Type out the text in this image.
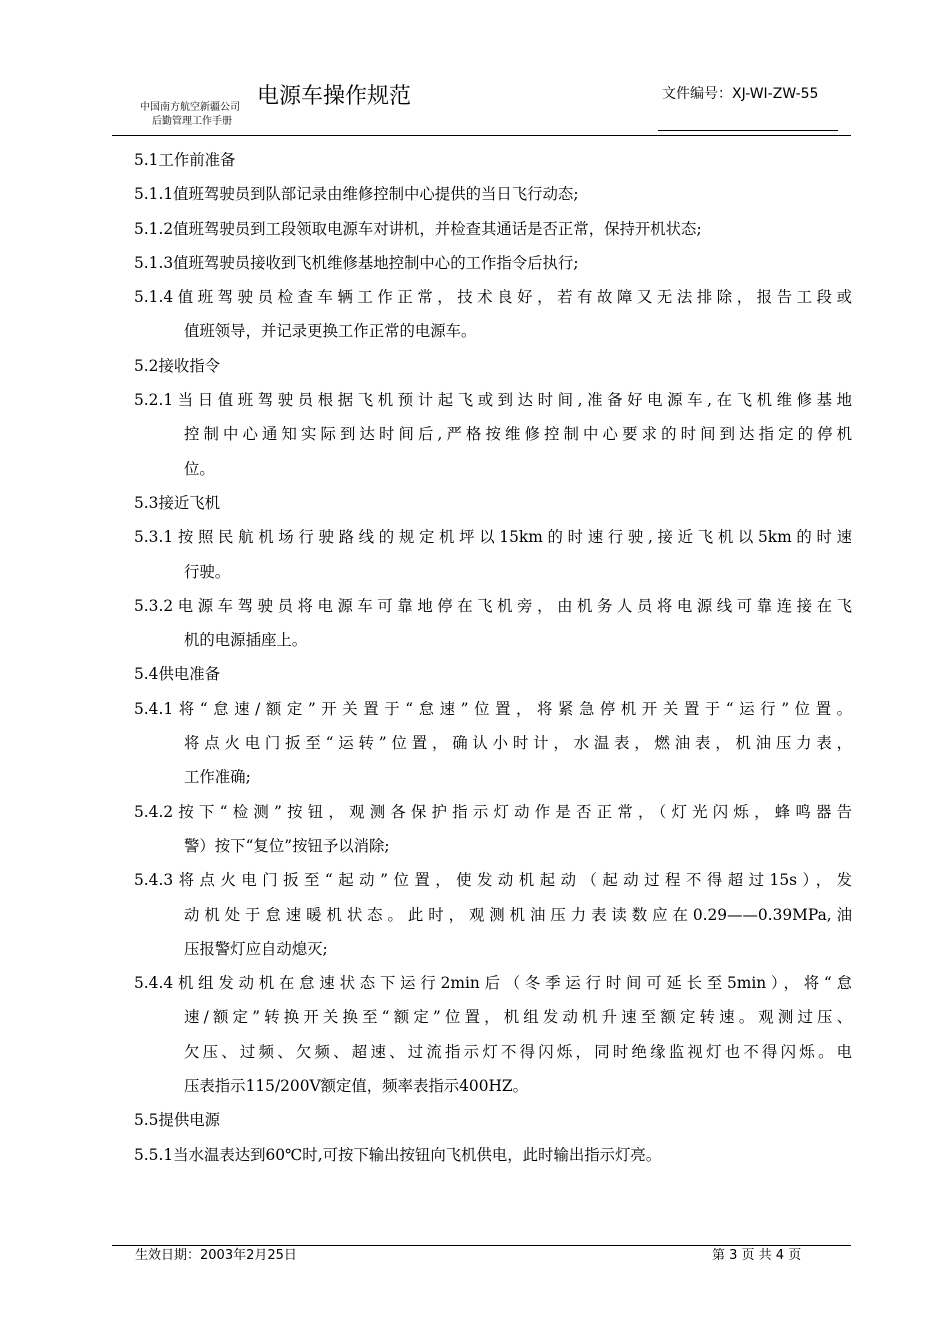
中国南方航空新疆公司
后勤管理工作手册
电源车操作规范	文件编号：XJ-WI-ZW-55
5.1工作前准备
5.1.1值班驾驶员到队部记录由维修控制中心提供的当日飞行动态;
5.1.2值班驾驶员到工段领取电源车对讲机，并检查其通话是否正常，保持开机状态;
5.1.3值班驾驶员接收到飞机维修基地控制中心的工作指令后执行;
5.1.4值班驾驶员检查车辆工作正常，技术良好，若有故障又无法排除，报告工段或
值班领导，并记录更换工作正常的电源车。
5.2接收指令
5.2.1当日值班驾驶员根据飞机预计起飞或到达时间,准备好电源车,在飞机维修基地
控制中心通知实际到达时间后,严格按维修控制中心要求的时间到达指定的停机
位。
5.3接近飞机
5.3.1按照民航机场行驶路线的规定机坪以15km的时速行驶,接近飞机以5km的时速
行驶。
5.3.2电源车驾驶员将电源车可靠地停在飞机旁，由机务人员将电源线可靠连接在飞
机的电源插座上。
5.4供电准备
5.4.1将“怠速/额定”开关置于“怠速”位置，将紧急停机开关置于“运行”位置。
将点火电门扳至“运转”位置，确认小时计，水温表，燃油表，机油压力表，
工作准确;
5.4.2按下“检测”按钮，观测各保护指示灯动作是否正常，（灯光闪烁，蜂鸣器告
警）按下“复位”按钮予以消除;
5.4.3将点火电门扳至“起动”位置，使发动机起动（起动过程不得超过15s），发
动机处于怠速暖机状态。此时，观测机油压力表读数应在0.29——0.39MPa,油
压报警灯应自动熄灭;
5.4.4机组发动机在怠速状态下运行2min后（冬季运行时间可延长至5min），将“怠
速/额定”转换开关换至“额定”位置，机组发动机升速至额定转速。观测过压、
欠压、过频、欠频、超速、过流指示灯不得闪烁，同时绝缘监视灯也不得闪烁。电
压表指示115/200V额定值，频率表指示400HZ。
5.5提供电源
5.5.1当水温表达到60℃时,可按下输出按钮向飞机供电，此时输出指示灯亮。
生效日期：2003年2月25日	第 3 页 共 4 页
